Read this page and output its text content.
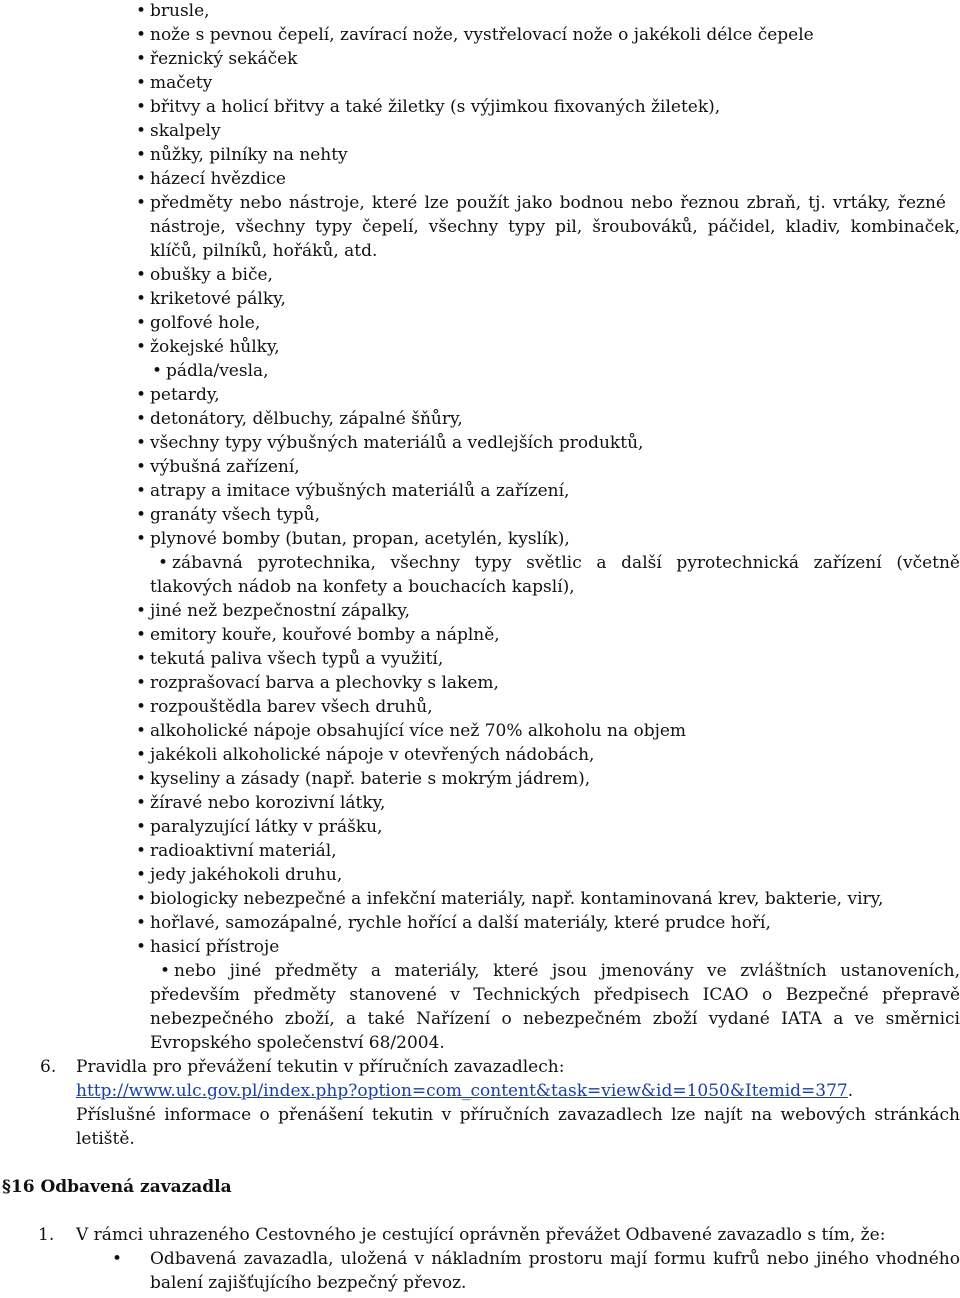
• brusle,
• nože s pevnou čepelí, zavírací nože, vystřelovací nože o jakékoli délce čepele
• řeznický sekáček
• mačety
• břitvy a holicí břitvy a také žiletky (s výjimkou fixovaných žiletek),
• skalpely
• nůžky, pilníky na nehty
• házecí hvězdice
• předměty nebo nástroje, které lze použít jako bodnou nebo řeznou zbraň, tj. vrtáky, řezné
nástroje, všechny typy čepelí, všechny typy pil, šroubováků, páčidel, kladiv, kombinaček,
klíčů, pilníků, hořáků, atd.
• obušky a biče,
• kriketové pálky,
• golfové hole,
• žokejské hůlky,
• pádla/vesla,
• petardy,
• detonátory, dělbuchy, zápalné šňůry,
• všechny typy výbušných materiálů a vedlejších produktů,
• výbušná zařízení,
• atrapy a imitace výbušných materiálů a zařízení,
• granáty všech typů,
• plynové bomby (butan, propan, acetylén, kyslík),
• zábavná pyrotechnika, všechny typy světlic a další pyrotechnická zařízení (včetně
tlakových nádob na konfety a bouchacích kapslí),
• jiné než bezpečnostní zápalky,
• emitory kouře, kouřové bomby a náplně,
• tekutá paliva všech typů a využití,
• rozprašovací barva a plechovky s lakem,
• rozpouštědla barev všech druhů,
• alkoholické nápoje obsahující více než 70% alkoholu na objem
• jakékoli alkoholické nápoje v otevřených nádobách,
• kyseliny a zásady (např. baterie s mokrým jádrem),
• žíravé nebo korozivní látky,
• paralyzující látky v prášku,
• radioaktivní materiál,
• jedy jakéhokoli druhu,
• biologicky nebezpečné a infekční materiály, např. kontaminovaná krev, bakterie, viry,
• hořlavé, samozápalné, rychle hořící a další materiály, které prudce hoří,
• hasicí přístroje
• nebo jiné předměty a materiály, které jsou jmenovány ve zvláštních ustanoveních,
především předměty stanovené v Technických předpisech ICAO o Bezpečné přepravě
nebezpečného zboží, a také Nařízení o nebezpečném zboží vydané IATA a ve směrnici
Evropského společenství 68/2004.
6. Pravidla pro převážení tekutin v příručních zavazadlech:
http://www.ulc.gov.pl/index.php?option=com_content&task=view&id=1050&Itemid=377.
Příslušné informace o přenášení tekutin v příručních zavazadlech lze najít na webových stránkách
letiště.
§16 Odbavená zavazadla
1. V rámci uhrazeného Cestovného je cestující oprávněn převážet Odbavené zavazadlo s tím, že:
• Odbavená zavazadla, uložená v nákladním prostoru mají formu kufrů nebo jiného vhodného
balení zajišťujícího bezpečný převoz.
